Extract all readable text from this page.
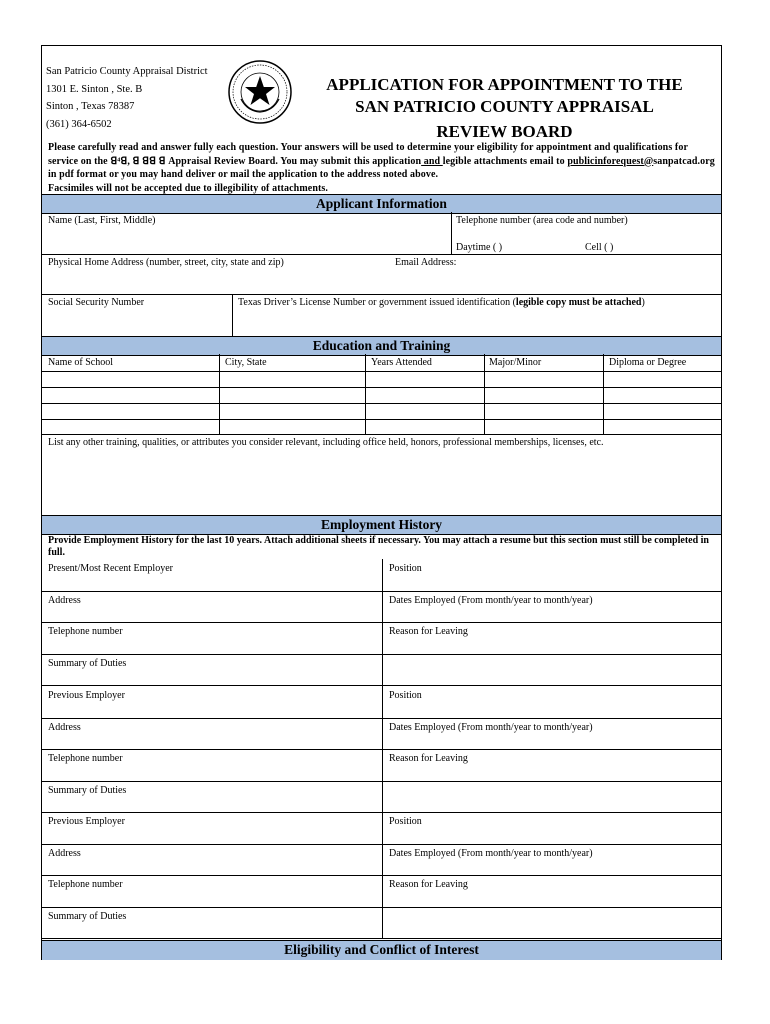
San Patricio County Appraisal District
1301 E. Sinton , Ste. B
Sinton , Texas 78387
(361) 364-6502
APPLICATION FOR APPOINTMENT TO THE
SAN PATRICIO COUNTY APPRAISAL
REVIEW BOARD
Please carefully read and answer fully each question. Your answers will be used to determine your eligibility for appointment and qualifications for service on the ꓭ⁴ꓭ, ꓭ ꓭꓭ ꓭ Appraisal Review Board. You may submit this application and legible attachments email to publicinforequest@sanpatcad.org in pdf format or you may hand deliver or mail the application to the address noted above.
Facsimiles will not be accepted due to illegibility of attachments.
Applicant Information
Name (Last, First, Middle)	Telephone number (area code and number)
Daytime ( )	Cell ( )
Physical Home Address (number, street, city, state and zip)	Email Address:
Social Security Number	Texas Driver’s License Number or government issued identification (legible copy must be attached)
Education and Training
Name of School	City, State	Years Attended	Major/Minor	Diploma or Degree
List any other training, qualities, or attributes you consider relevant, including office held, honors, professional memberships, licenses, etc.
Employment History
Provide Employment History for the last 10 years. Attach additional sheets if necessary. You may attach a resume but this section must still be completed in full.
Present/Most Recent Employer	Position
Address	Dates Employed (From month/year to month/year)
Telephone number	Reason for Leaving
Summary of Duties
Previous Employer	Position
Address	Dates Employed (From month/year to month/year)
Telephone number	Reason for Leaving
Summary of Duties
Previous Employer	Position
Address	Dates Employed (From month/year to month/year)
Telephone number	Reason for Leaving
Summary of Duties
Eligibility and Conflict of Interest
